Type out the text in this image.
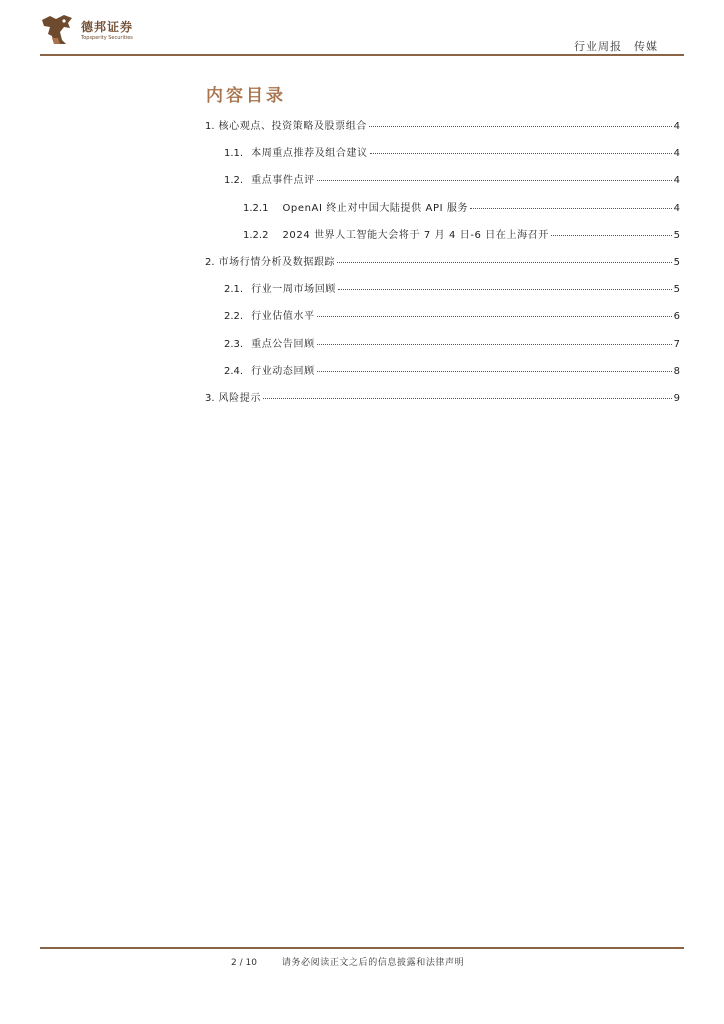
德邦证券
Topsperity Securities
行业周报　传媒
内容目录
1. 核心观点、投资策略及股票组合	4
1.1. 本周重点推荐及组合建议	4
1.2. 重点事件点评	4
1.2.1 OpenAI 终止对中国大陆提供 API 服务	4
1.2.2 2024 世界人工智能大会将于 7 月 4 日-6 日在上海召开	5
2. 市场行情分析及数据跟踪	5
2.1. 行业一周市场回顾	5
2.2. 行业估值水平	6
2.3. 重点公告回顾	7
2.4. 行业动态回顾	8
3. 风险提示	9
2 / 10	请务必阅读正文之后的信息披露和法律声明
